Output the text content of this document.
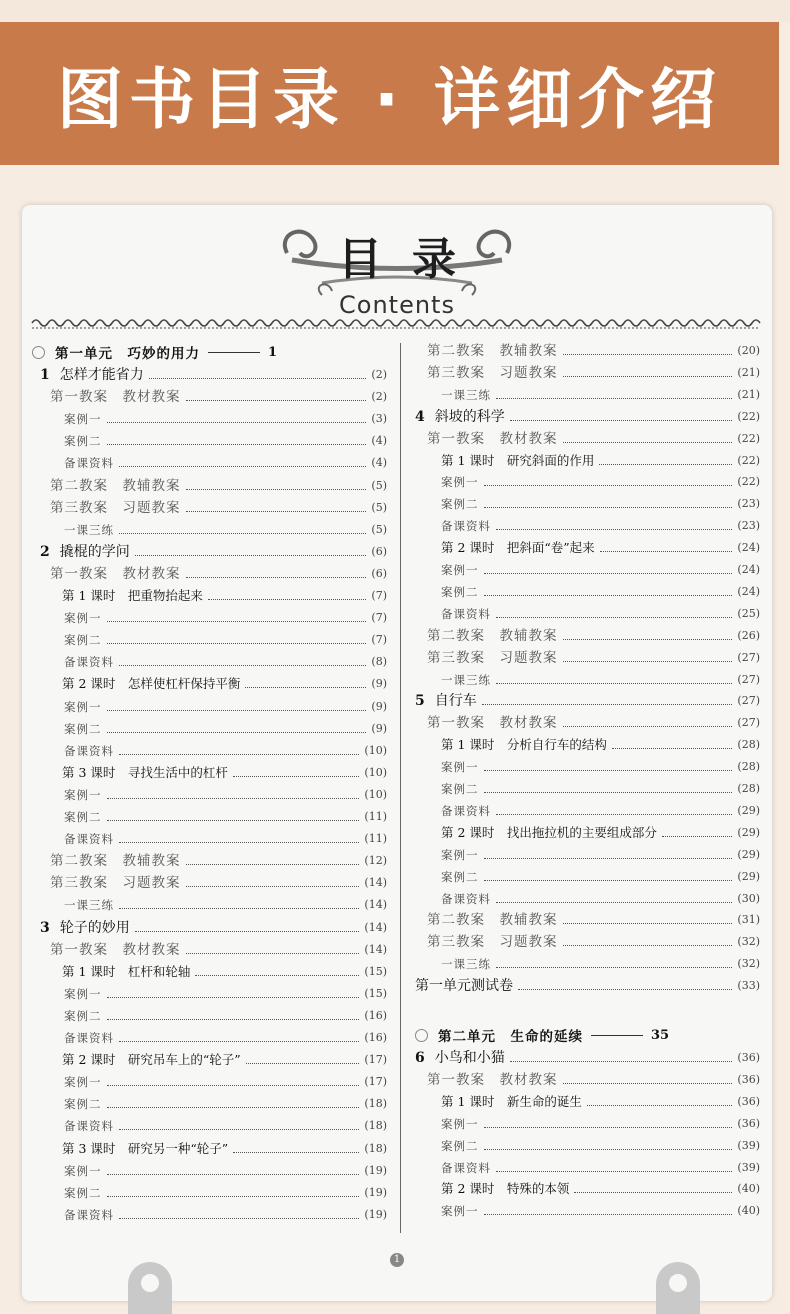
图书目录 · 详细介绍
目录
Contents
第一单元　巧妙的用力	1
1 怎样才能省力	(2)
第一教案　教材教案	(2)
案例一	(3)
案例二	(4)
备课资料	(4)
第二教案　教辅教案	(5)
第三教案　习题教案	(5)
一课三练	(5)
2 撬棍的学问	(6)
第一教案　教材教案	(6)
第 1 课时　把重物抬起来	(7)
案例一	(7)
案例二	(7)
备课资料	(8)
第 2 课时　怎样使杠杆保持平衡	(9)
案例一	(9)
案例二	(9)
备课资料	(10)
第 3 课时　寻找生活中的杠杆	(10)
案例一	(10)
案例二	(11)
备课资料	(11)
第二教案　教辅教案	(12)
第三教案　习题教案	(14)
一课三练	(14)
3 轮子的妙用	(14)
第一教案　教材教案	(14)
第 1 课时　杠杆和轮轴	(15)
案例一	(15)
案例二	(16)
备课资料	(16)
第 2 课时　研究吊车上的“轮子”	(17)
案例一	(17)
案例二	(18)
备课资料	(18)
第 3 课时　研究另一种“轮子”	(18)
案例一	(19)
案例二	(19)
备课资料	(19)
第二教案　教辅教案	(20)
第三教案　习题教案	(21)
一课三练	(21)
4 斜坡的科学	(22)
第一教案　教材教案	(22)
第 1 课时　研究斜面的作用	(22)
案例一	(22)
案例二	(23)
备课资料	(23)
第 2 课时　把斜面“卷”起来	(24)
案例一	(24)
案例二	(24)
备课资料	(25)
第二教案　教辅教案	(26)
第三教案　习题教案	(27)
一课三练	(27)
5 自行车	(27)
第一教案　教材教案	(27)
第 1 课时　分析自行车的结构	(28)
案例一	(28)
案例二	(28)
备课资料	(29)
第 2 课时　找出拖拉机的主要组成部分	(29)
案例一	(29)
案例二	(29)
备课资料	(30)
第二教案　教辅教案	(31)
第三教案　习题教案	(32)
一课三练	(32)
第一单元测试卷	(33)
第二单元　生命的延续	35
6 小鸟和小猫	(36)
第一教案　教材教案	(36)
第 1 课时　新生命的诞生	(36)
案例一	(36)
案例二	(39)
备课资料	(39)
第 2 课时　特殊的本领	(40)
案例一	(40)
1
